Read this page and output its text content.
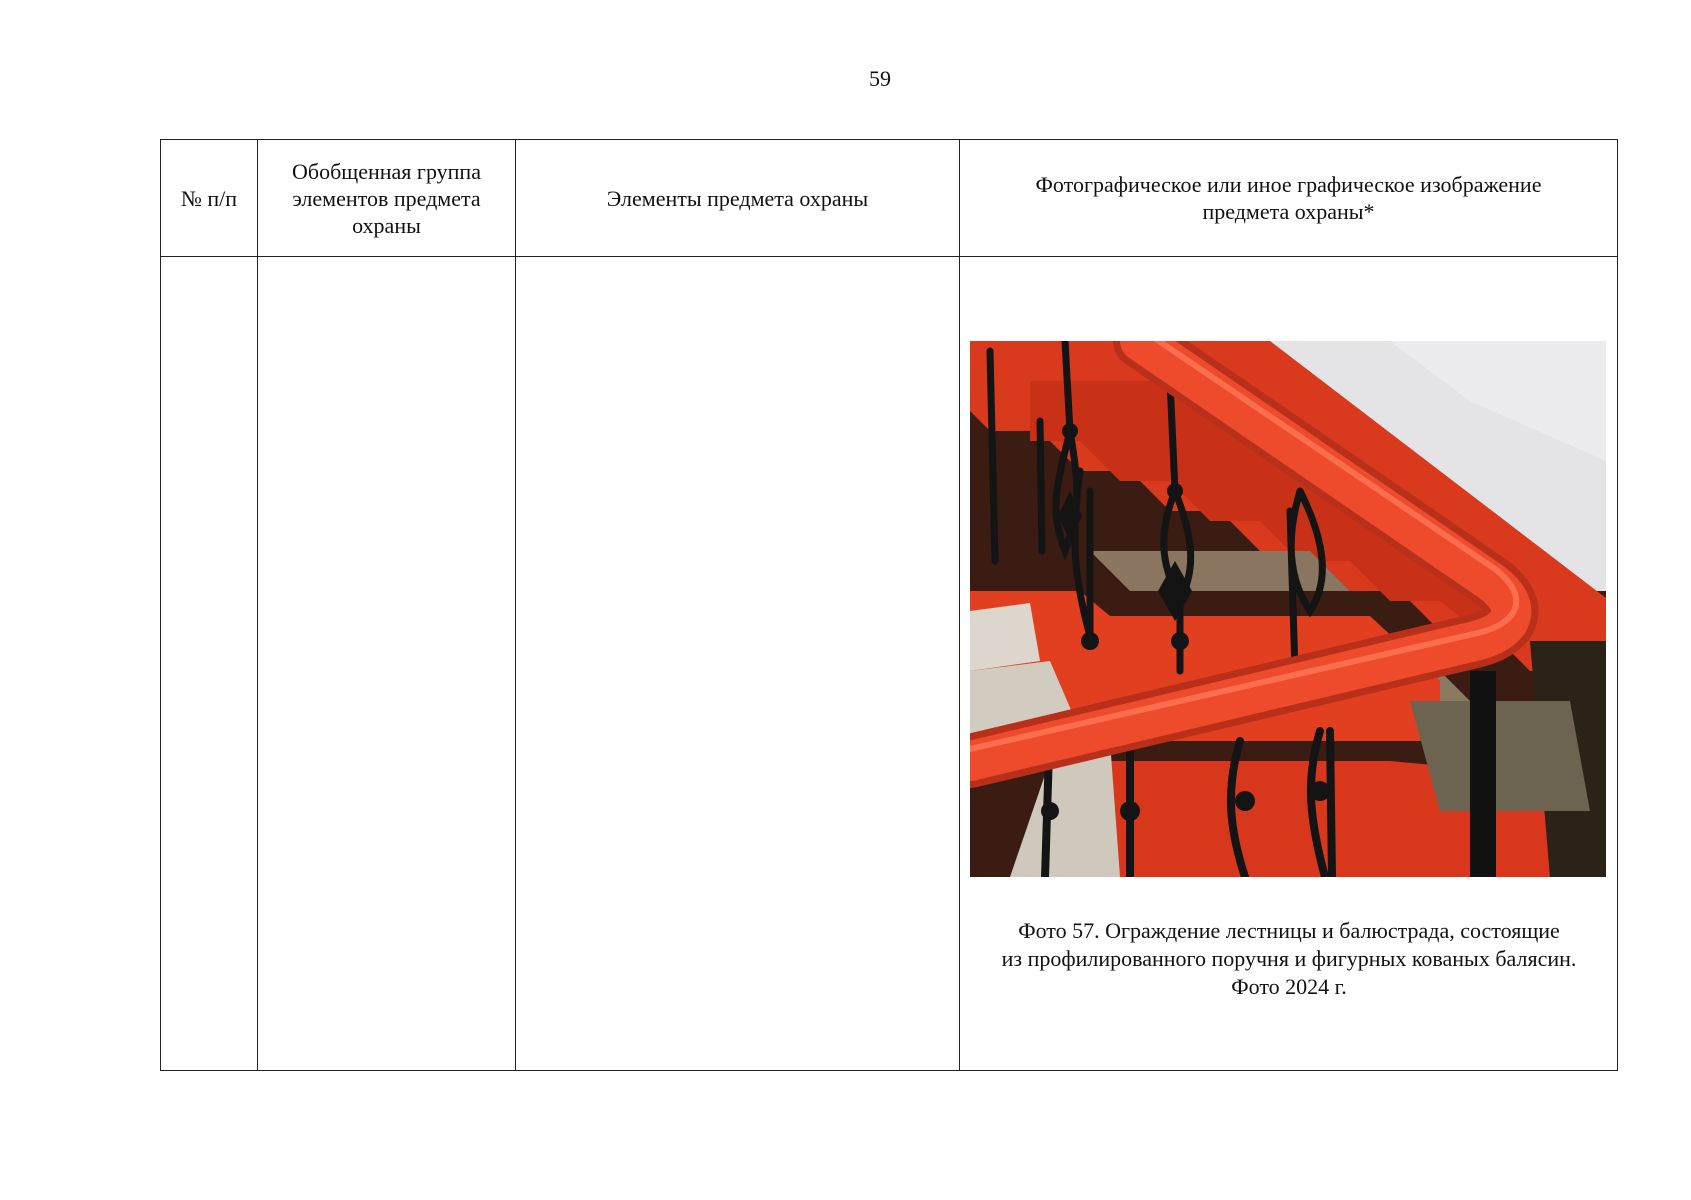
59
№ п/п	Обобщенная группа элементов предмета охраны	Элементы предмета охраны	Фотографическое или иное графическое изображение предмета охраны*

			Фото 57. Ограждение лестницы и балюстрада, состоящие
из профилированного поручня и фигурных кованых балясин.
Фото 2024 г.
